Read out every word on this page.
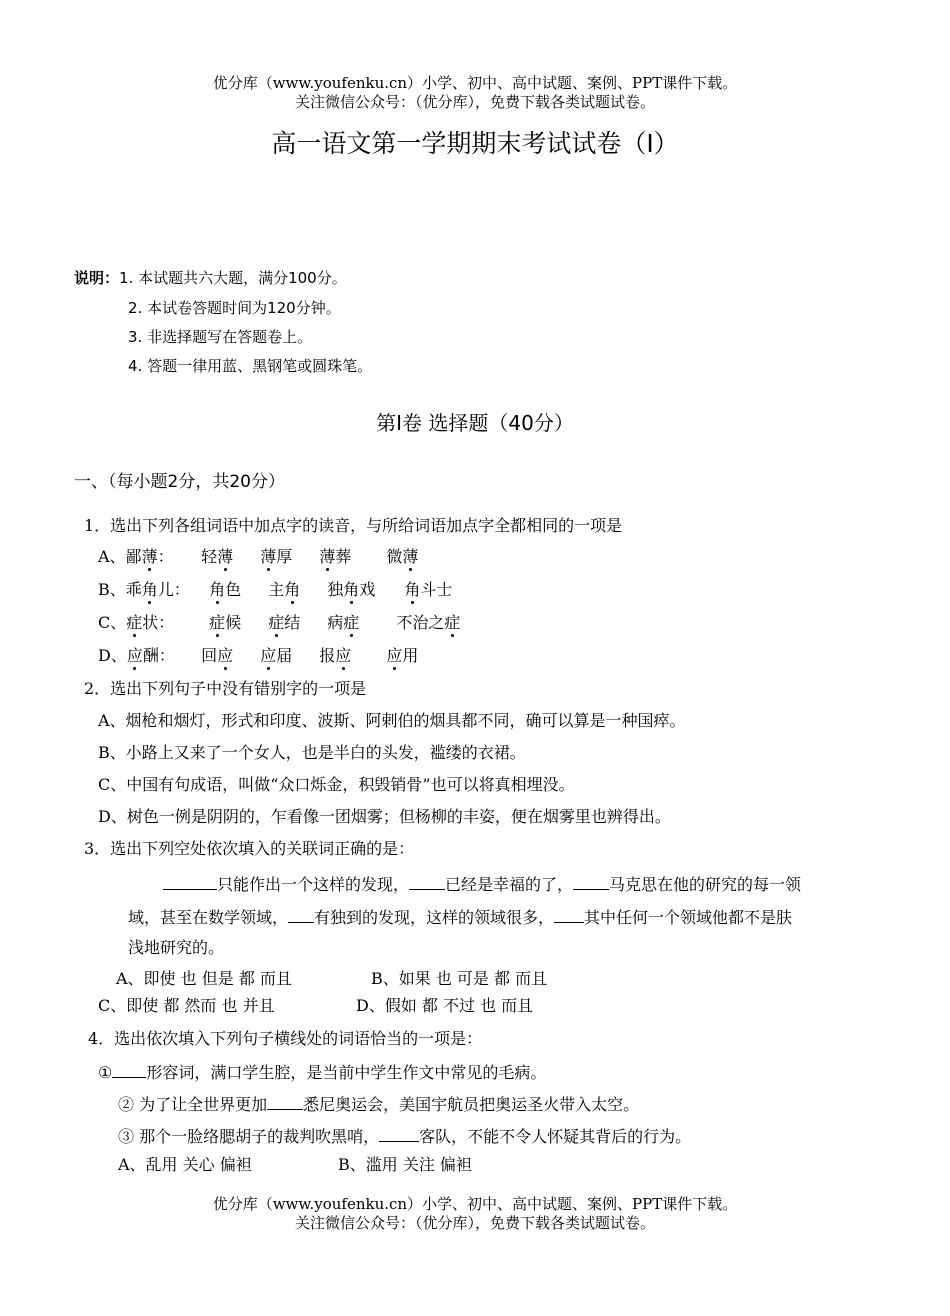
优分库（www.youfenku.cn）小学、初中、高中试题、案例、PPT课件下载。
关注微信公众号：（优分库），免费下载各类试题试卷。
高一语文第一学期期末考试试卷（Ⅰ）
说明：1. 本试题共六大题，满分100分。
2. 本试卷答题时间为120分钟。
3. 非选择题写在答题卷上。
4. 答题一律用蓝、黑钢笔或圆珠笔。
第Ⅰ卷 选择题（40分）
一、（每小题2分，共20分）
1．选出下列各组词语中加点字的读音，与所给词语加点字全都相同的一项是
A、鄙薄： 轻薄 薄厚 薄葬 微薄
B、乖角儿： 角色 主角 独角戏 角斗士
C、症状： 症候 症结 病症 不治之症
D、应酬： 回应 应届 报应 应用
2．选出下列句子中没有错别字的一项是
A、烟枪和烟灯，形式和印度、波斯、阿剌伯的烟具都不同，确可以算是一种国瘁。
B、小路上又来了一个女人，也是半白的头发，褴缕的衣裙。
C、中国有句成语，叫做“众口烁金，积毁销骨”也可以将真相埋没。
D、树色一例是阴阴的，乍看像一团烟雾；但杨柳的丰姿，便在烟雾里也辨得出。
3．选出下列空处依次填入的关联词正确的是：
只能作出一个这样的发现， 已经是幸福的了， 马克思在他的研究的每一领
域，甚至在数学领域， 有独到的发现，这样的领域很多， 其中任何一个领域他都不是肤
浅地研究的。
A、即使 也 但是 都 而且	B、如果 也 可是 都 而且
C、即使 都 然而 也 并且	D、假如 都 不过 也 而且
4．选出依次填入下列句子横线处的词语恰当的一项是：
① 形容词，满口学生腔，是当前中学生作文中常见的毛病。
② 为了让全世界更加 悉尼奥运会，美国宇航员把奥运圣火带入太空。
③ 那个一脸络腮胡子的裁判吹黑哨，	客队，不能不令人怀疑其背后的行为。
A、乱用 关心 偏袒	B、滥用 关注 偏袒
优分库（www.youfenku.cn）小学、初中、高中试题、案例、PPT课件下载。
关注微信公众号：（优分库），免费下载各类试题试卷。
